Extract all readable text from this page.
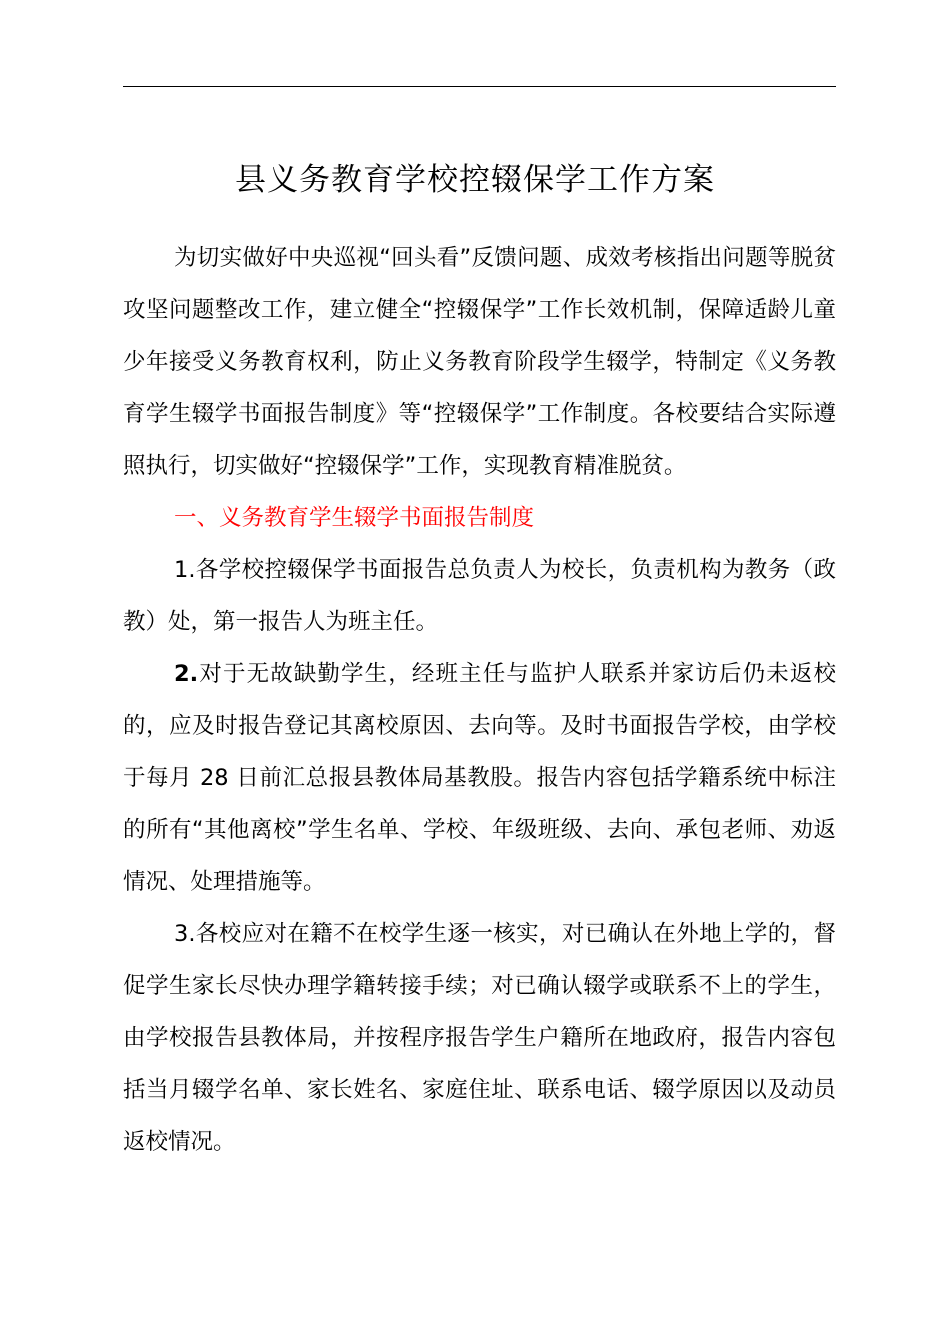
县义务教育学校控辍保学工作方案

为切实做好中央巡视“回头看”反馈问题、成效考核指出问题等脱贫攻坚问题整改工作，建立健全“控辍保学”工作长效机制，保障适龄儿童少年接受义务教育权利，防止义务教育阶段学生辍学，特制定《义务教育学生辍学书面报告制度》等“控辍保学”工作制度。各校要结合实际遵照执行，切实做好“控辍保学”工作，实现教育精准脱贫。

一、义务教育学生辍学书面报告制度

1.各学校控辍保学书面报告总负责人为校长，负责机构为教务（政教）处，第一报告人为班主任。

2.对于无故缺勤学生，经班主任与监护人联系并家访后仍未返校的，应及时报告登记其离校原因、去向等。及时书面报告学校，由学校于每月 28 日前汇总报县教体局基教股。报告内容包括学籍系统中标注的所有“其他离校”学生名单、学校、年级班级、去向、承包老师、劝返情况、处理措施等。

3.各校应对在籍不在校学生逐一核实，对已确认在外地上学的，督促学生家长尽快办理学籍转接手续；对已确认辍学或联系不上的学生，由学校报告县教体局，并按程序报告学生户籍所在地政府，报告内容包括当月辍学名单、家长姓名、家庭住址、联系电话、辍学原因以及动员返校情况。
